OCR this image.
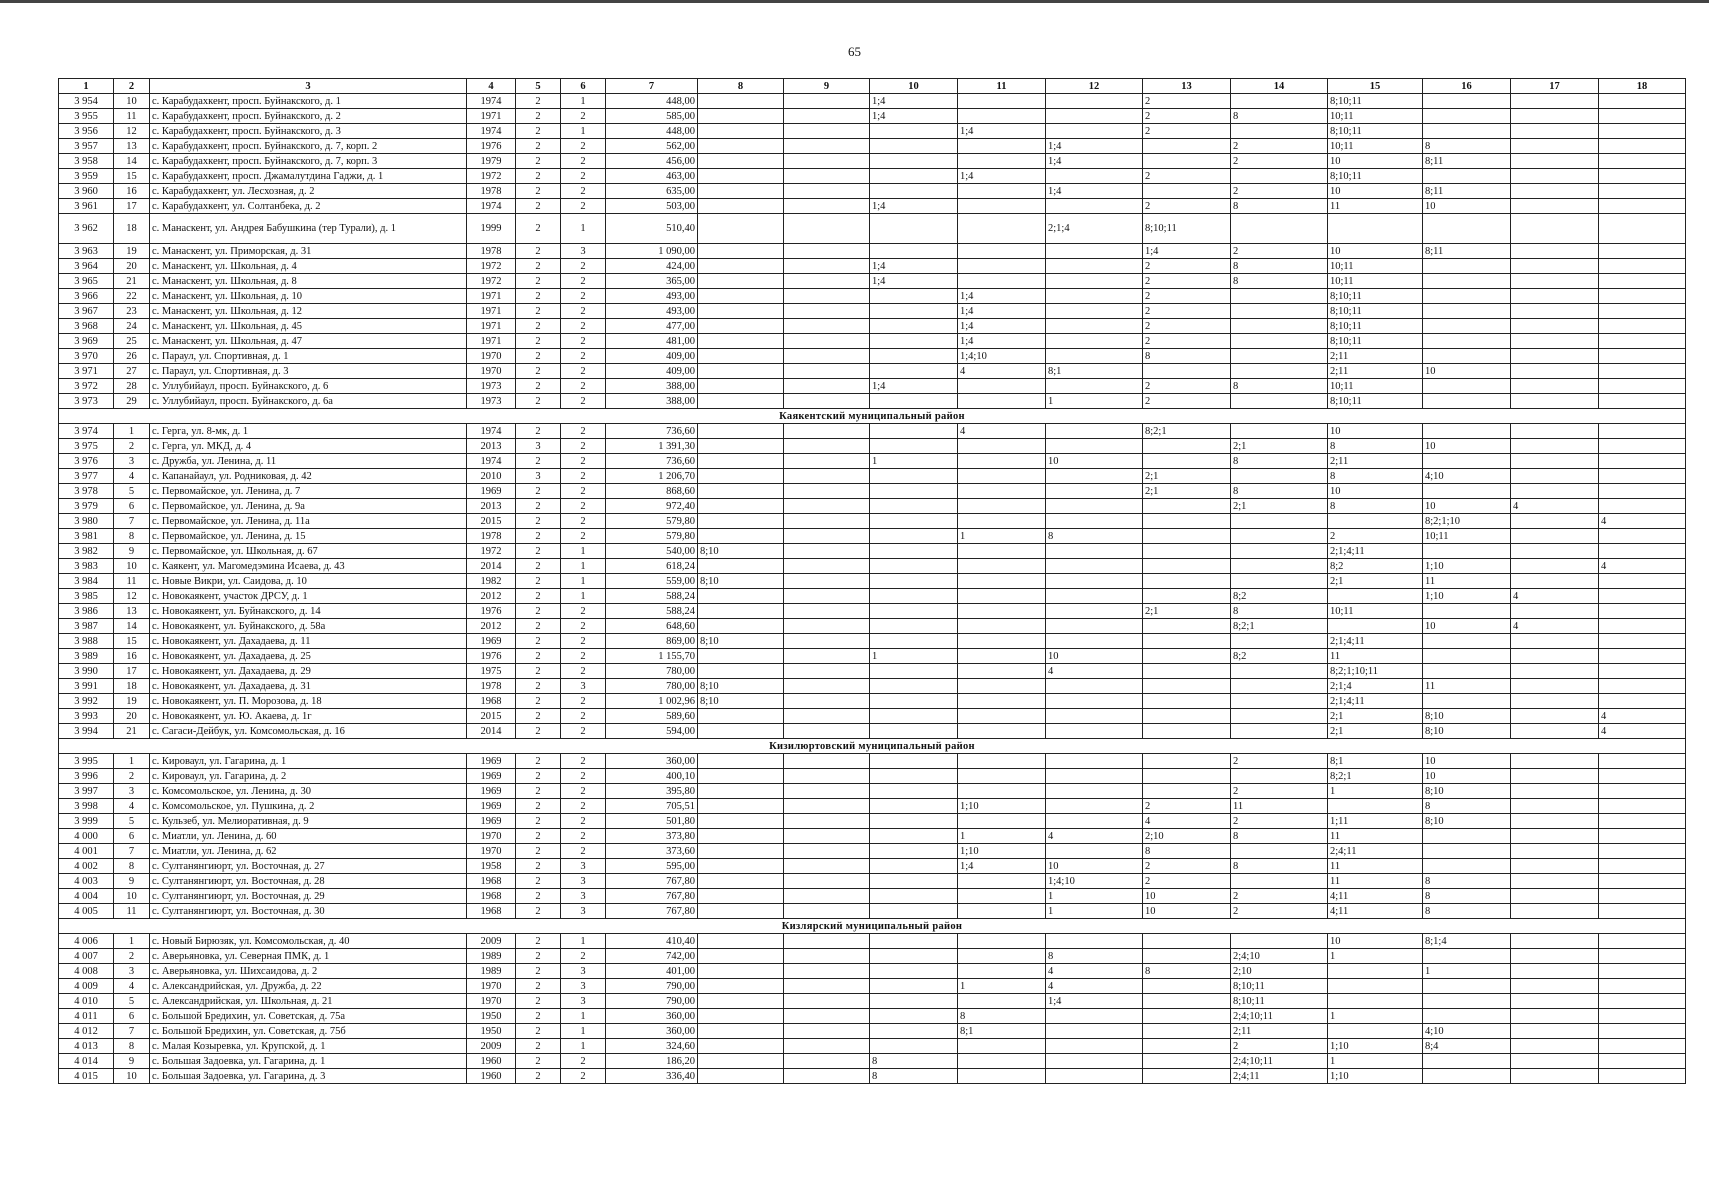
65
1	2	3	4	5	6	7	8	9	10	11	12	13	14	15	16	17	18
3 954	10	с. Карабудахкент, просп. Буйнакского, д. 1	1974	2	1	448,00			1;4			2		8;10;11			
3 955	11	с. Карабудахкент, просп. Буйнакского, д. 2	1971	2	2	585,00			1;4			2	8	10;11			
3 956	12	с. Карабудахкент, просп. Буйнакского, д. 3	1974	2	1	448,00				1;4		2		8;10;11			
3 957	13	с. Карабудахкент, просп. Буйнакского, д. 7, корп. 2	1976	2	2	562,00					1;4		2	10;11	8		
3 958	14	с. Карабудахкент, просп. Буйнакского, д. 7, корп. 3	1979	2	2	456,00					1;4		2	10	8;11		
3 959	15	с. Карабудахкент, просп. Джамалутдина Гаджи, д. 1	1972	2	2	463,00				1;4		2		8;10;11			
3 960	16	с. Карабудахкент, ул. Лесхозная, д. 2	1978	2	2	635,00					1;4		2	10	8;11		
3 961	17	с. Карабудахкент, ул. Солтанбека, д. 2	1974	2	2	503,00			1;4			2	8	11	10		
3 962	18	с. Манаскент, ул. Андрея Бабушкина (тер Турали), д. 1	1999	2	1	510,40					2;1;4	8;10;11					
3 963	19	с. Манаскент, ул. Приморская, д. 31	1978	2	3	1 090,00						1;4	2	10	8;11		
3 964	20	с. Манаскент, ул. Школьная, д. 4	1972	2	2	424,00			1;4			2	8	10;11			
3 965	21	с. Манаскент, ул. Школьная, д. 8	1972	2	2	365,00			1;4			2	8	10;11			
3 966	22	с. Манаскент, ул. Школьная, д. 10	1971	2	2	493,00				1;4		2		8;10;11			
3 967	23	с. Манаскент, ул. Школьная, д. 12	1971	2	2	493,00				1;4		2		8;10;11			
3 968	24	с. Манаскент, ул. Школьная, д. 45	1971	2	2	477,00				1;4		2		8;10;11			
3 969	25	с. Манаскент, ул. Школьная, д. 47	1971	2	2	481,00				1;4		2		8;10;11			
3 970	26	с. Параул, ул. Спортивная, д. 1	1970	2	2	409,00				1;4;10		8		2;11			
3 971	27	с. Параул, ул. Спортивная, д. 3	1970	2	2	409,00				4	8;1			2;11	10		
3 972	28	с. Уллубийаул, просп. Буйнакского, д. 6	1973	2	2	388,00			1;4			2	8	10;11			
3 973	29	с. Уллубийаул, просп. Буйнакского, д. 6а	1973	2	2	388,00					1	2		8;10;11			
Каякентский муниципальный район																	
3 974	1	с. Герга, ул. 8-мк, д. 1	1974	2	2	736,60				4		8;2;1		10			
3 975	2	с. Герга, ул. МКД, д. 4	2013	3	2	1 391,30							2;1	8	10		
3 976	3	с. Дружба, ул. Ленина, д. 11	1974	2	2	736,60			1		10		8	2;11			
3 977	4	с. Капанайаул, ул. Родниковая, д. 42	2010	3	2	1 206,70						2;1		8	4;10		
3 978	5	с. Первомайское, ул. Ленина, д. 7	1969	2	2	868,60						2;1	8	10			
3 979	6	с. Первомайское, ул. Ленина, д. 9а	2013	2	2	972,40							2;1	8	10	4	
3 980	7	с. Первомайское, ул. Ленина, д. 11а	2015	2	2	579,80									8;2;1;10		4
3 981	8	с. Первомайское, ул. Ленина, д. 15	1978	2	2	579,80				1	8			2	10;11		
3 982	9	с. Первомайское, ул. Школьная, д. 67	1972	2	1	540,00	8;10							2;1;4;11			
3 983	10	с. Каякент, ул. Магомедэмина Исаева, д. 43	2014	2	1	618,24								8;2	1;10		4
3 984	11	с. Новые Викри, ул. Саидова, д. 10	1982	2	1	559,00	8;10							2;1	11		
3 985	12	с. Новокаякент, участок ДРСУ, д. 1	2012	2	1	588,24							8;2		1;10	4	
3 986	13	с. Новокаякент, ул. Буйнакского, д. 14	1976	2	2	588,24						2;1	8	10;11			
3 987	14	с. Новокаякент, ул. Буйнакского, д. 58а	2012	2	2	648,60							8;2;1		10	4	
3 988	15	с. Новокаякент, ул. Дахадаева, д. 11	1969	2	2	869,00	8;10							2;1;4;11			
3 989	16	с. Новокаякент, ул. Дахадаева, д. 25	1976	2	2	1 155,70			1		10		8;2	11			
3 990	17	с. Новокаякент, ул. Дахадаева, д. 29	1975	2	2	780,00					4			8;2;1;10;11			
3 991	18	с. Новокаякент, ул. Дахадаева, д. 31	1978	2	3	780,00	8;10							2;1;4	11		
3 992	19	с. Новокаякент, ул. П. Морозова, д. 18	1968	2	2	1 002,96	8;10							2;1;4;11			
3 993	20	с. Новокаякент, ул. Ю. Акаева, д. 1г	2015	2	2	589,60								2;1	8;10		4
3 994	21	с. Сагаси-Дейбук, ул. Комсомольская, д. 16	2014	2	2	594,00								2;1	8;10		4
Кизилюртовский муниципальный район																	
3 995	1	с. Кироваул, ул. Гагарина, д. 1	1969	2	2	360,00							2	8;1	10		
3 996	2	с. Кироваул, ул. Гагарина, д. 2	1969	2	2	400,10								8;2;1	10		
3 997	3	с. Комсомольское, ул. Ленина, д. 30	1969	2	2	395,80							2	1	8;10		
3 998	4	с. Комсомольское, ул. Пушкина, д. 2	1969	2	2	705,51				1;10		2	11		8		
3 999	5	с. Кульзеб, ул. Мелиоративная, д. 9	1969	2	2	501,80						4	2	1;11	8;10		
4 000	6	с. Миатли, ул. Ленина, д. 60	1970	2	2	373,80				1	4	2;10	8	11			
4 001	7	с. Миатли, ул. Ленина, д. 62	1970	2	2	373,60				1;10		8		2;4;11			
4 002	8	с. Султанянгиюрт, ул. Восточная, д. 27	1958	2	3	595,00				1;4	10	2	8	11			
4 003	9	с. Султанянгиюрт, ул. Восточная, д. 28	1968	2	3	767,80					1;4;10	2		11	8		
4 004	10	с. Султанянгиюрт, ул. Восточная, д. 29	1968	2	3	767,80					1	10	2	4;11	8		
4 005	11	с. Султанянгиюрт, ул. Восточная, д. 30	1968	2	3	767,80					1	10	2	4;11	8		
Кизлярский муниципальный район																	
4 006	1	с. Новый Бирюзяк, ул. Комсомольская, д. 40	2009	2	1	410,40								10	8;1;4		
4 007	2	с. Аверьяновка, ул. Северная ПМК, д. 1	1989	2	2	742,00					8		2;4;10	1			
4 008	3	с. Аверьяновка, ул. Шихсаидова, д. 2	1989	2	3	401,00					4	8	2;10		1		
4 009	4	с. Александрийская, ул. Дружба, д. 22	1970	2	3	790,00				1	4		8;10;11				
4 010	5	с. Александрийская, ул. Школьная, д. 21	1970	2	3	790,00					1;4		8;10;11				
4 011	6	с. Большой Бредихин, ул. Советская, д. 75а	1950	2	1	360,00				8			2;4;10;11	1			
4 012	7	с. Большой Бредихин, ул. Советская, д. 75б	1950	2	1	360,00				8;1			2;11		4;10		
4 013	8	с. Малая Козыревка, ул. Крупской, д. 1	2009	2	1	324,60							2	1;10	8;4		
4 014	9	с. Большая Задоевка, ул. Гагарина, д. 1	1960	2	2	186,20			8				2;4;10;11	1			
4 015	10	с. Большая Задоевка, ул. Гагарина, д. 3	1960	2	2	336,40			8				2;4;11	1;10			
